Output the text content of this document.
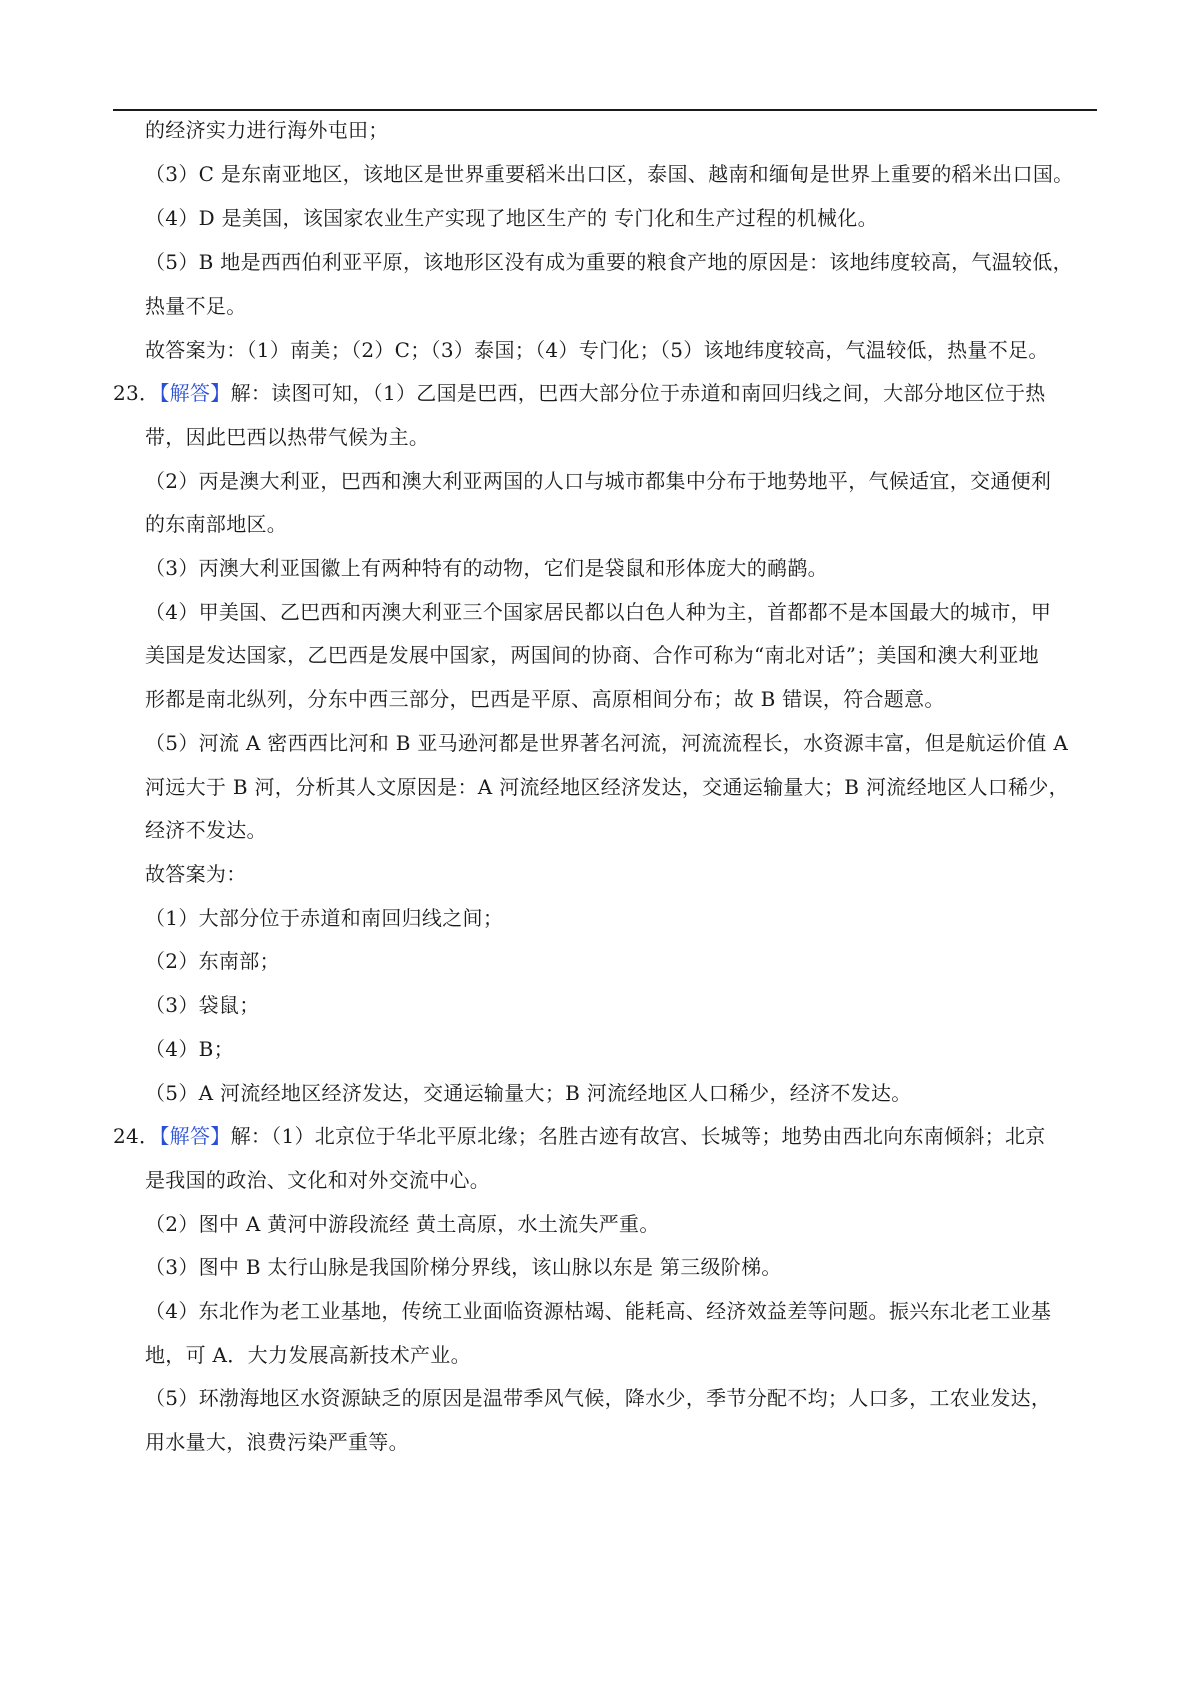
的经济实力进行海外屯田；

（3）C 是东南亚地区，该地区是世界重要稻米出口区，泰国、越南和缅甸是世界上重要的稻米出口国。

（4）D 是美国，该国家农业生产实现了地区生产的 专门化和生产过程的机械化。

（5）B 地是西西伯利亚平原，该地形区没有成为重要的粮食产地的原因是：该地纬度较高，气温较低，

热量不足。

故答案为：（1）南美；（2）C；（3）泰国；（4）专门化；（5）该地纬度较高，气温较低，热量不足。

23．【解答】解：读图可知，（1）乙国是巴西，巴西大部分位于赤道和南回归线之间，大部分地区位于热

带，因此巴西以热带气候为主。

（2）丙是澳大利亚，巴西和澳大利亚两国的人口与城市都集中分布于地势地平，气候适宜，交通便利

的东南部地区。

（3）丙澳大利亚国徽上有两种特有的动物，它们是袋鼠和形体庞大的鸸鹋。

（4）甲美国、乙巴西和丙澳大利亚三个国家居民都以白色人种为主，首都都不是本国最大的城市，甲

美国是发达国家，乙巴西是发展中国家，两国间的协商、合作可称为“南北对话”；美国和澳大利亚地

形都是南北纵列，分东中西三部分，巴西是平原、高原相间分布；故 B 错误，符合题意。

（5）河流 A 密西西比河和 B 亚马逊河都是世界著名河流，河流流程长，水资源丰富，但是航运价值 A

河远大于 B 河，分析其人文原因是：A 河流经地区经济发达，交通运输量大；B 河流经地区人口稀少，

经济不发达。

故答案为：

（1）大部分位于赤道和南回归线之间；

（2）东南部；

（3）袋鼠；

（4）B；

（5）A 河流经地区经济发达，交通运输量大；B 河流经地区人口稀少，经济不发达。

24．【解答】解：（1）北京位于华北平原北缘；名胜古迹有故宫、长城等；地势由西北向东南倾斜；北京

是我国的政治、文化和对外交流中心。

（2）图中 A 黄河中游段流经 黄土高原，水土流失严重。

（3）图中 B 太行山脉是我国阶梯分界线，该山脉以东是 第三级阶梯。

（4）东北作为老工业基地，传统工业面临资源枯竭、能耗高、经济效益差等问题。振兴东北老工业基

地，可 A．大力发展高新技术产业。

（5）环渤海地区水资源缺乏的原因是温带季风气候，降水少，季节分配不均；人口多，工农业发达，

用水量大，浪费污染严重等。
